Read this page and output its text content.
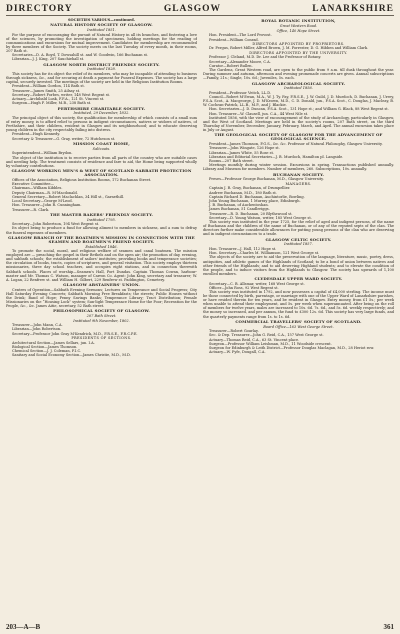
DIRECTORY	GLASGOW	LANARKSHIRE
SOCIETIES VARIOUS—continued.
NATURAL HISTORY SOCIETY OF GLASGOW.
Instituted 1851.

For the purpose of encouraging the pursuit of Natural History in all its branches, and fostering a love of the sciences, by promoting the investigation of specimens, holding meetings for the reading of communications and excursions for mutual improvement. Candidates for membership are recommended by three members of the Society. The society meets on the last Tuesday of every month, in their rooms, 207 Bath st.

Secretaries—D. A. Boyd, T. Dowsahill st. and W. Goodwin, 166 Buchanan st.

Librarian—J. J. King, 207 Sauchiehall st.

GLASGOW NORTH DISTRICT FRIENDLY SOCIETY.
Instituted 1828.

This society has for its object the relief of its members, who may be incapable of attending to business through sickness, &c., and for securing at death a payment for Funeral Expenses. The society has a large capital, securely invested. The meetings of the society are held in the Religious Institution Rooms.

President—William Gordon, 114 Bath st.

Treasurer—James Smith, 25 Ailsay st.

Secretary—Robert Forbes, writer, 148 West Regent st.

Actuary—Archibald Lusk, F.F.A., 121 St. Vincent st.

Surgeon—Hugh F. Miller, M.B., 238 Bath st.

PERTHSHIRE CHARITABLE SOCIETY.
Instituted, 29 December, 1832.

The principal object of this society, the qualification for membership of which consists of a small sum of entry money, is to afford relief to persons in indigent circumstances, natives or widows of natives, of Perthshire, and their children, resident in Glasgow and its neighbourhood; and to educate deserving young children in the city respectably failing into distress.

President—Hugh Kennedy.

Secretary & Treasurer—G. Gray, writer, 72 Hutcheson st.

MISSION COAST HOME,
Saltcoats.

Superintendent—William Brydon.

The object of the institution is to receive parties from all parts of the country who are suitable cases and needing help. The treatment consists of residence and fare to aid, the Home being supported wholly by voluntary contributions.

GLASGOW WORKING MEN'S & WEST OF SCOTLAND SABBATH PROTECTION ASSOCIATION.

Offices of the Association, Religious Institution Rooms, 172 Buchanan Street.

Executive Committee—

Chairman—William Kibbles.

Deputy Chairman—R. M'Macdonald.

General Secretary—Robert Maclachlan, 34 Hill st., Garnethill.

Local Secretary—George M'Leod.

Hon. Treasurer—John R. Cunningham.

Treasurer—R. Clark.

THE MASTER BAKERS' FRIENDLY SOCIETY.
Instituted 1795.

Secretary—John Robertson, 194 West Regent st.

Its object being to produce a fund for allowing aliment to members in sickness, and a sum to defray the funeral expenses of members.

GLASGOW BRANCH OF THE BOATMEN'S MISSION IN CONNECTION WITH THE SEAMEN AND BOATMEN'S FRIEND SOCIETY.
Established 1846.

To promote the social, moral, and religious welfare of seamen and canal boatmen. The mission employed are — preaching the gospel in their Bethels and on the open air; the promotion of day, evening, and sabbath schools; the establishment of sailors' institutes; providing books and temperance societies; the circulation of books, tracts, copies of scriptures, and general visitation. This society employs thirteen missionaries, three day school teachers, and occupies eight stations, and in connection therewith Sabbath schools. Places of worship—Seamen's Hall, Port Dundas. Captain Thomas Cowan, harbour-master and Mr. Thomas C. Watson, manager of Carron Co. Agent: John King, secretary and treasurer; W. A. Logan, 22 Renfrew st. and William H. Gilbert, 229 Renfrew st. Paddington, Cemetery.

GLASGOW ABSTAINERS' UNION.

Centres of Operation—Sabbath Evening Sermons; Lectures on Temperance and Social Progress; City Hall Saturday Evening Concerts; Sabbath Morning Free Breakfasts; the streets; Public Houses without the Drink; Band of Hope; Penny Savings Banks; Temperance Library; Tract Distribution; Female Missionaries on the “Housing Lock” system; Sun-light Temperance Home for the Poor; Recreation for the People, &c., &c. James Aitie, secretary, 52 Bath street.

PHILOSOPHICAL SOCIETY OF GLASGOW.
207 Bath Street.
Instituted 9th November, 1802.

Treasurer—John Mann, C.A.

Librarian—John Robertson.

Secretary—Professor John Gray M'Kendrick, M.D., F.R.S.E., F.R.C.P.E.

PRESIDENTS OF SECTIONS.

Architectural Section—James Sellars, jun. I.A.

Biological Section—James Thomson.

Chemical Section—J. J. Coleman, F.I.C.

Sanitary and Social Economy Section—James Christie, M.D., M.D.

ROYAL BOTANIC INSTITUTION,
Great Western Road.
Office, 140 Hope Street.

Hon. President—The Lord Provost.

President—William Conrad.

DIRECTORS APPOINTED BY PROPRIETORS.

Dr. Fergus, Robert Miller, Alfred Brown, J. M. Forrester, D. G. Hibben and William Clark.

DIRECTORS APPOINTED BY THE UNIVERSITY.

Professor J. Cleland, M.D. Dr. Lee and the Professor of Botany.

Secretary—Alexander Moore, C.A.

Curator—Robert Bullen.

The Gardens, Great Western road, are open to the public from 9 a.m. till dusk throughout the year. During summer and autumn, afternoon and evening promenade concerts are given. Annual subscriptions—Family, 21s.; Single, 10s. 6d.; Juveniles, 5s. each.

GLASGOW ARCHAEOLOGICAL SOCIETY.
Instituted 1856.

President—Professor Veitch, LL.D.

Council—Robert M'Ewan, M.A., W. J. Ty. Fay, F.R.S.E., J. W. Guild, J. D. Murdoch, D. Buchanan, J. Urrey, F.S.A. Scot., A. Macgeorge, J. D. M'Keown, M.D., C. D. Donald, jun., F.S.A. Scot., C. Douglas, J. Macleay, B. W. Cochran-Patrick, LL.B., M.P., and J. Blackie.

Hon. Secretaries—J. D. Duncan, F.S.A. Scot., 131 Hope st.; and William G. Black, 88 West Regent st.

Hon. Treasurer—W. Clausell, jun. C.A., 44 West Nile st.

Instituted 1856, with the view of encouragement of the study of Archaeology, particularly in Glasgow, and the West of Scotland. Meetings are held in the society's rooms, 207 Bath street, on the third Thursday of November, December, January, February, March, and April. The annual excursion takes place in July or August.

THE GEOLOGICAL SOCIETY OF GLASGOW FOR THE ADVANCEMENT OF GEOLOGICAL SCIENCE.

President—James Thomson, F.G.S., &c. &c. Professor of Natural Philosophy, Glasgow University.

Treasurer—John Wingate, 126 Hope st.

Librarian—James White, 55 Rose st.

Librarian and Editorial Secretaries—J. B. Murdoch, Hamilton pl. Langside.

Rooms—207 Bath street.

Meetings monthly during winter session. Excursions in spring. Transactions published annually. Library and Museum for members. Number of members, 260. Subscriptions, 10s. annually.

BUCHANAN SOCIETY.

Preses—Professor George Buchanan, M.D., Glasgow University.

MANAGERS.

Captain J. R. Gray, Buchanan, of Drumpellier.

Andrew Buchanan, M.D., 180 Bath st.

Captain Richard D. Buchanan, Auchintorlie, Bowling.

John Young Buchanan, 1 Murray place, Edinburgh.

J. B. Buchanan, of Auchentoshan.

James Buchanan, 51 Candleriggs.

Treasurer—R. D. Buchanan, 20 Blythswood st.

Secretary—D. Young Watson, writer, 185 West George st.

This society was instituted in the year 1725, for the relief of aged and indigent persons, of the name of Buchanan and the children of the name of Buchanan, or of any of the reputed septs of the clan. The directors further make considerable allowances for putting young persons of the clan who are deserving and in indigent circumstances to a trade.

GLASGOW CELTIC SOCIETY.
Instituted 1857.

Hon. Treasurer—J. Hall, 112 Hope st.

Hon. Secretary—Charles M. Williamson, 121 West George st.

The objects of the society are to aid the preservation of the language, literature, music, poetry, dress, antiquities, and athletic games of the Highlands of Scotland; to be a bond of union between natives and other friends of the Highlands; and to aid deserving Highland students; and to elevate the condition of the people, and to induce visitors from the Highlands to Glasgow. The society has upwards of 1,100 enrolled members.

CLYDESDALE UPPER WARD SOCIETY.

Secretary—C. B. Allsmar, writer, 168 West George st.

Officer—John Ross, 92 West Regent st.

This society was instituted in 1792, and now possesses a capital of £4,000 sterling. The income must be those connected by birth, parentage, or marriage with one of the Upper Ward of Lanarkshire parishes, or have resided therein for ten years, and be resident in Glasgow. Entry money, from £1 5s.; per week when unable to attend their employment, and 5s. per week when superannuated. After being on the roll of members for twelve years, males are increased to 10s. 6d. 7s. 6d., and 5s. 6d. weekly respectively; and the money so increased, and per annum, the fund to £300 12s. 6d. This society has very large funds, and the quarterly payments range from 1s. to 1s. 6d.

COMMERCIAL TRAVELLERS' SOCIETY OF SCOTLAND.
Board Office—163 West George Street.

Treasurer—Robert Gourlay.

Sec. & Dep. Treasurer—John G. Reid, C.A., 157 West George st.

Actuary—Thomas Reid, C.A., 63 St. Vincent place.

Surgeon—Professor William Leishman, M.D., 11 Woodside crescent.

Surgeon for Edinburgh & Leith District—Professor Douglas Maclagan, M.D., 28 Heriot row.

Actuary—W. Fyfe, Dougall, C.A.

203—A—B	361
